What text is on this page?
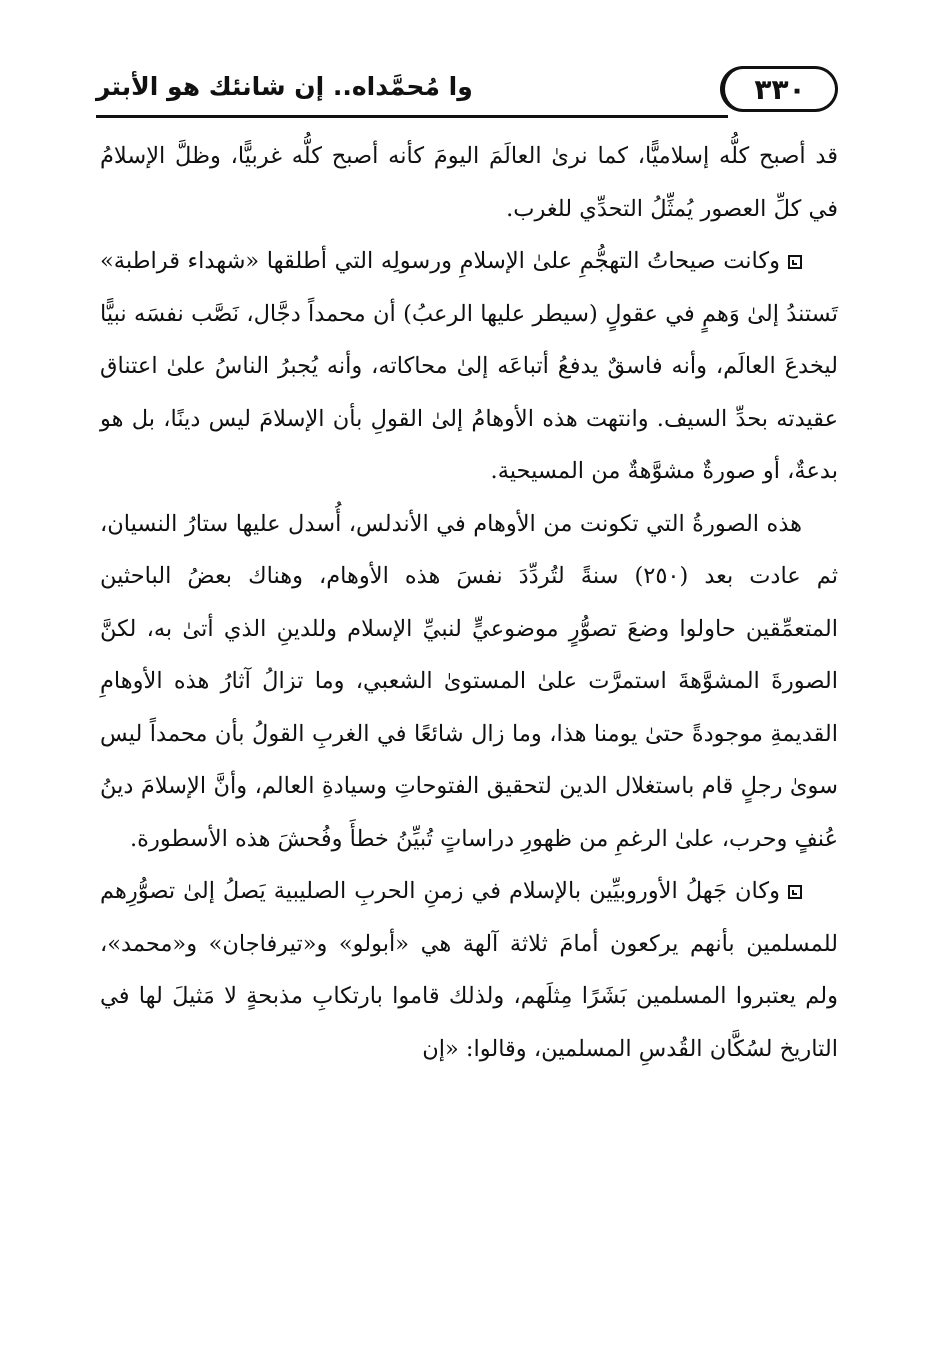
٣٣٠
وا مُحمَّداه.. إن شانئك هو الأبتر

قد أصبح كلُّه إسلاميًّا، كما نرىٰ العالَمَ اليومَ كأنه أصبح كلُّه غربيًّا، وظلَّ الإسلامُ في كلِّ العصور يُمثِّلُ التحدِّي للغرب.

وكانت صيحاتُ التهجُّمِ علىٰ الإسلامِ ورسولِه التي أطلقها «شهداء قراطبة» تَستندُ إلىٰ وَهمٍ في عقولٍ (سيطر عليها الرعبُ) أن محمداً دجَّال، نَصَّب نفسَه نبيًّا ليخدعَ العالَم، وأنه فاسقٌ يدفعُ أتباعَه إلىٰ محاكاته، وأنه يُجبرُ الناسُ علىٰ اعتناق عقيدته بحدِّ السيف. وانتهت هذه الأوهامُ إلىٰ القولِ بأن الإسلامَ ليس دينًا، بل هو بدعةٌ، أو صورةٌ مشوَّهةٌ من المسيحية.

هذه الصورةُ التي تكونت من الأوهام في الأندلس، أُسدل عليها ستارُ النسيان، ثم عادت بعد (٢٥٠) سنةً لتُردِّدَ نفسَ هذه الأوهام، وهناك بعضُ الباحثين المتعمِّقين حاولوا وضعَ تصوُّرٍ موضوعيٍّ لنبيِّ الإسلام وللدينِ الذي أتىٰ به، لكنَّ الصورةَ المشوَّهةَ استمرَّت علىٰ المستوىٰ الشعبي، وما تزالُ آثارُ هذه الأوهامِ القديمةِ موجودةً حتىٰ يومنا هذا، وما زال شائعًا في الغربِ القولُ بأن محمداً ليس سوىٰ رجلٍ قام باستغلال الدين لتحقيق الفتوحاتِ وسيادةِ العالم، وأنَّ الإسلامَ دينُ عُنفٍ وحرب، علىٰ الرغمِ من ظهورِ دراساتٍ تُبيِّنُ خطأَ وفُحشَ هذه الأسطورة.

وكان جَهلُ الأوروبيِّين بالإسلام في زمنِ الحربِ الصليبية يَصلُ إلىٰ تصوُّرِهم للمسلمين بأنهم يركعون أمامَ ثلاثة آلهة هي «أبولو» و«تيرفاجان» و«محمد»، ولم يعتبروا المسلمين بَشَرًا مِثلَهم، ولذلك قاموا بارتكابِ مذبحةٍ لا مَثيلَ لها في التاريخ لسُكَّان القُدسِ المسلمين، وقالوا: «إن
